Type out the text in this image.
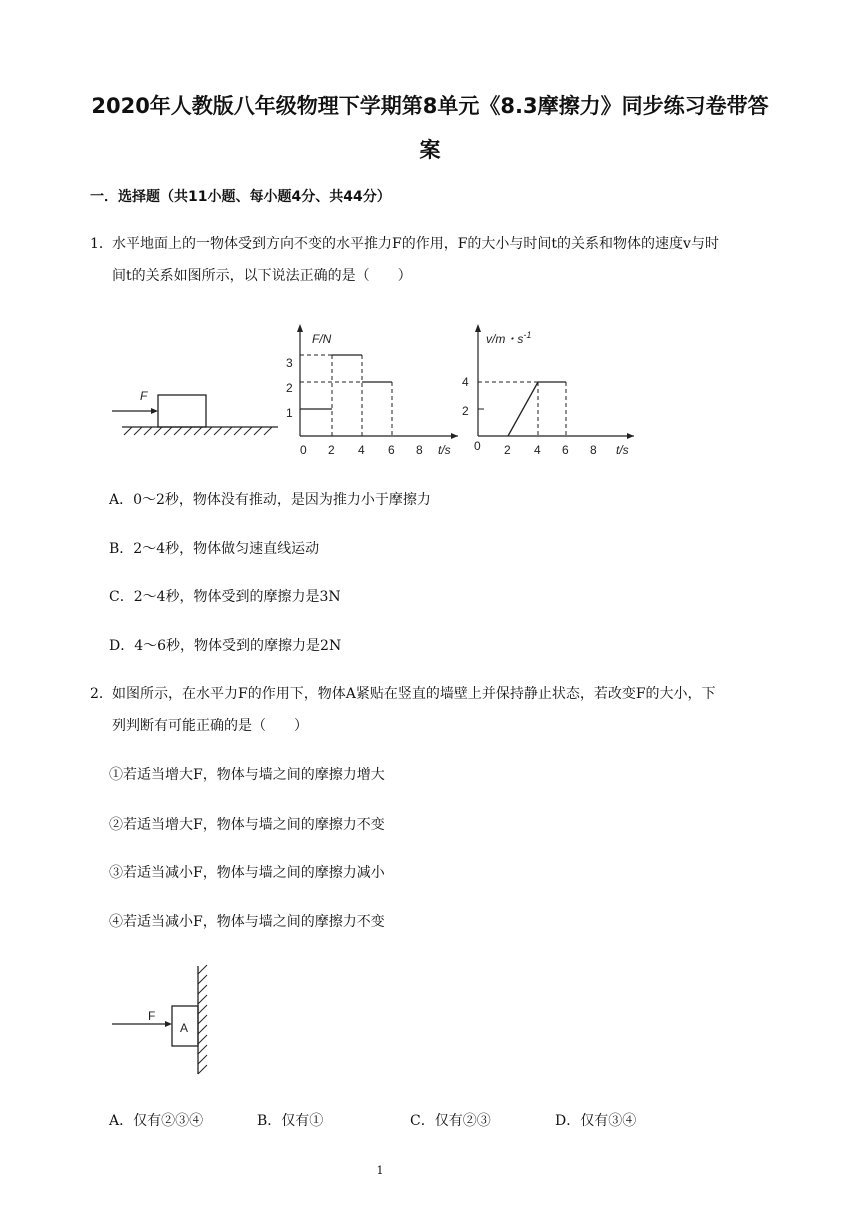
2020年人教版八年级物理下学期第8单元《8.3摩擦力》同步练习卷带答
案
一．选择题（共11小题、每小题4分、共44分）
1．水平地面上的一物体受到方向不变的水平推力F的作用，F的大小与时间t的关系和物体的速度v与时
间t的关系如图所示，以下说法正确的是（　　）
F
F/N
3
2
1
0 2 4 6 8 t/s
v/m・$s^{-1}$
4
2
0 2 4 6 8 t/s
A．0～2秒，物体没有推动，是因为推力小于摩擦力
B．2～4秒，物体做匀速直线运动
C．2～4秒，物体受到的摩擦力是3N
D．4～6秒，物体受到的摩擦力是2N
2．如图所示，在水平力F的作用下，物体A紧贴在竖直的墙壁上并保持静止状态，若改变F的大小，下
列判断有可能正确的是（　　）
①若适当增大F，物体与墙之间的摩擦力增大
②若适当增大F，物体与墙之间的摩擦力不变
③若适当减小F，物体与墙之间的摩擦力减小
④若适当减小F，物体与墙之间的摩擦力不变
F
A
A．仅有②③④	B．仅有①	C．仅有②③	D．仅有③④
1
